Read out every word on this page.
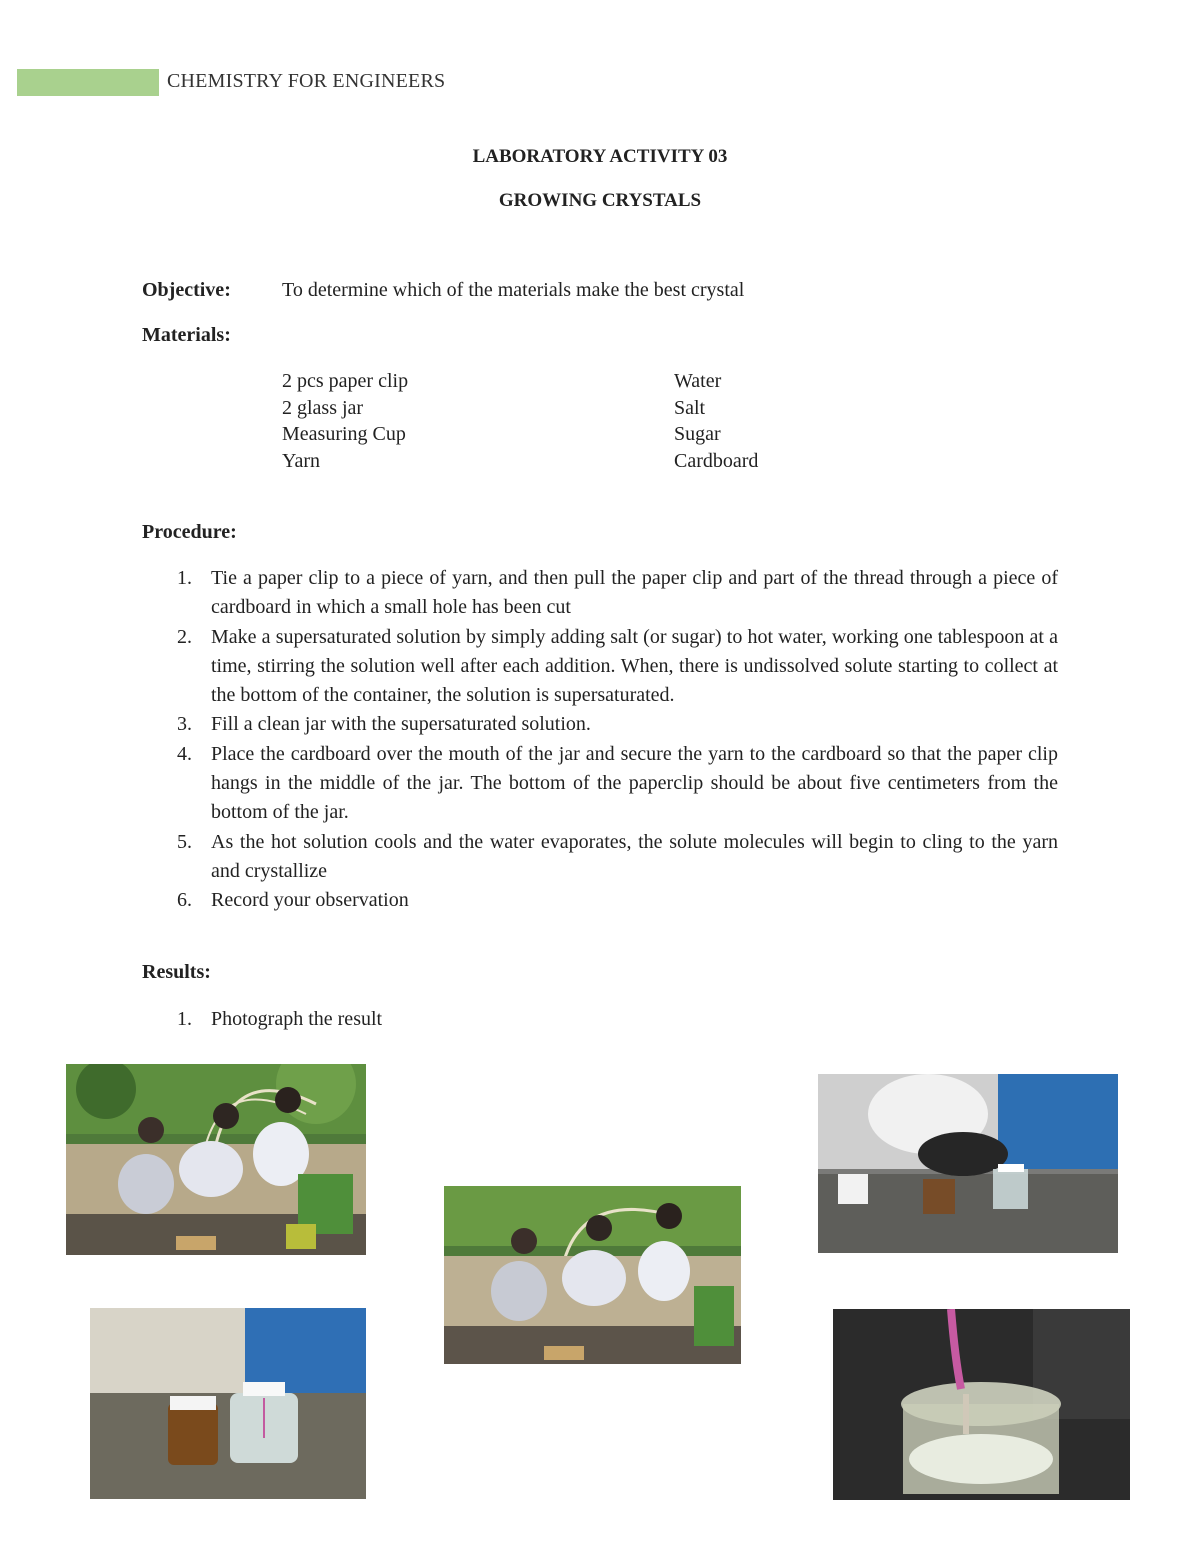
CHEMISTRY FOR ENGINEERS
LABORATORY ACTIVITY 03
GROWING CRYSTALS
Objective:	To determine which of the materials make the best crystal
Materials:
2 pcs paper clip
2 glass jar
Measuring Cup
Yarn
Water
Salt
Sugar
Cardboard
Procedure:
1. Tie a paper clip to a piece of yarn, and then pull the paper clip and part of the thread through a piece of cardboard in which a small hole has been cut
2. Make a supersaturated solution by simply adding salt (or sugar) to hot water, working one tablespoon at a time, stirring the solution well after each addition. When, there is undissolved solute starting to collect at the bottom of the container, the solution is supersaturated.
3. Fill a clean jar with the supersaturated solution.
4. Place the cardboard over the mouth of the jar and secure the yarn to the cardboard so that the paper clip hangs in the middle of the jar. The bottom of the paperclip should be about five centimeters from the bottom of the jar.
5. As the hot solution cools and the water evaporates, the solute molecules will begin to cling to the yarn and crystallize
6. Record your observation
Results:
1. Photograph the result
